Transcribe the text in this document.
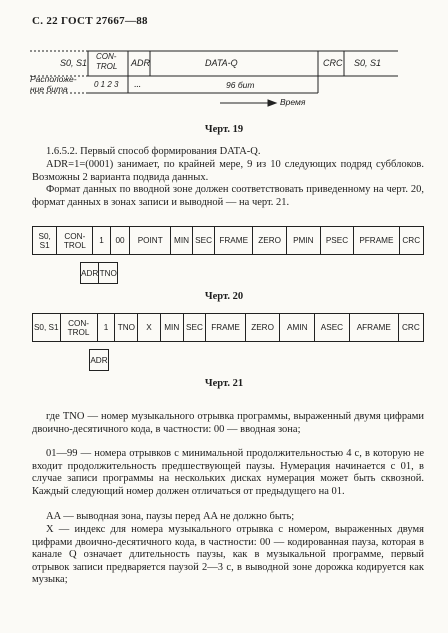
С. 22 ГОСТ 27667—88
S0, S1
CON-
TROL	ADR	DATA-Q	CRC S0, S1
Расположе-
ние бита	0 1 2 3 ...	96 бит
Время
Черт. 19
1.6.5.2. Первый способ формирования DATA-Q.
ADR=1=(0001) занимает, по крайней мере, 9 из 10 следующих подряд субблоков. Возможны 2 варианта подвида данных.
Формат данных по вводной зоне должен соответствовать приведенному на черт. 20, формат данных в зонах записи и выводной — на черт. 21.
S0, S1	CON-
TROL	1	00	POINT	MIN	SEC	FRAME	ZERO	PMIN	PSEC	PFRAME	CRC
ADR	TNO
Черт. 20
S0, S1	CON-
TROL	1	TNO	X	MIN	SEC	FRAME	ZERO	AMIN	ASEC	AFRAME	CRC
ADR
Черт. 21
где TNO — номер музыкального отрывка программы, выраженный двумя цифрами двоично-десятичного кода, в частности: 00 — вводная зона;
01—99 — номера отрывков с минимальной продолжительностью 4 с, в которую не входит продолжительность предшествующей паузы. Нумерация начинается с 01, в случае записи программы на нескольких дисках нумерация может быть сквозной. Каждый следующий номер должен отличаться от предыдущего на 01.
AA — выводная зона, паузы перед AA не должно быть;
X — индекс для номера музыкального отрывка с номером, выраженных двумя цифрами двоично-десятичного кода, в частности: 00 — кодированная пауза, которая в канале Q означает длительность паузы, как в музыкальной программе, первый отрывок записи предваряется паузой 2—3 с, в выводной зоне дорожка кодируется как музыка;
